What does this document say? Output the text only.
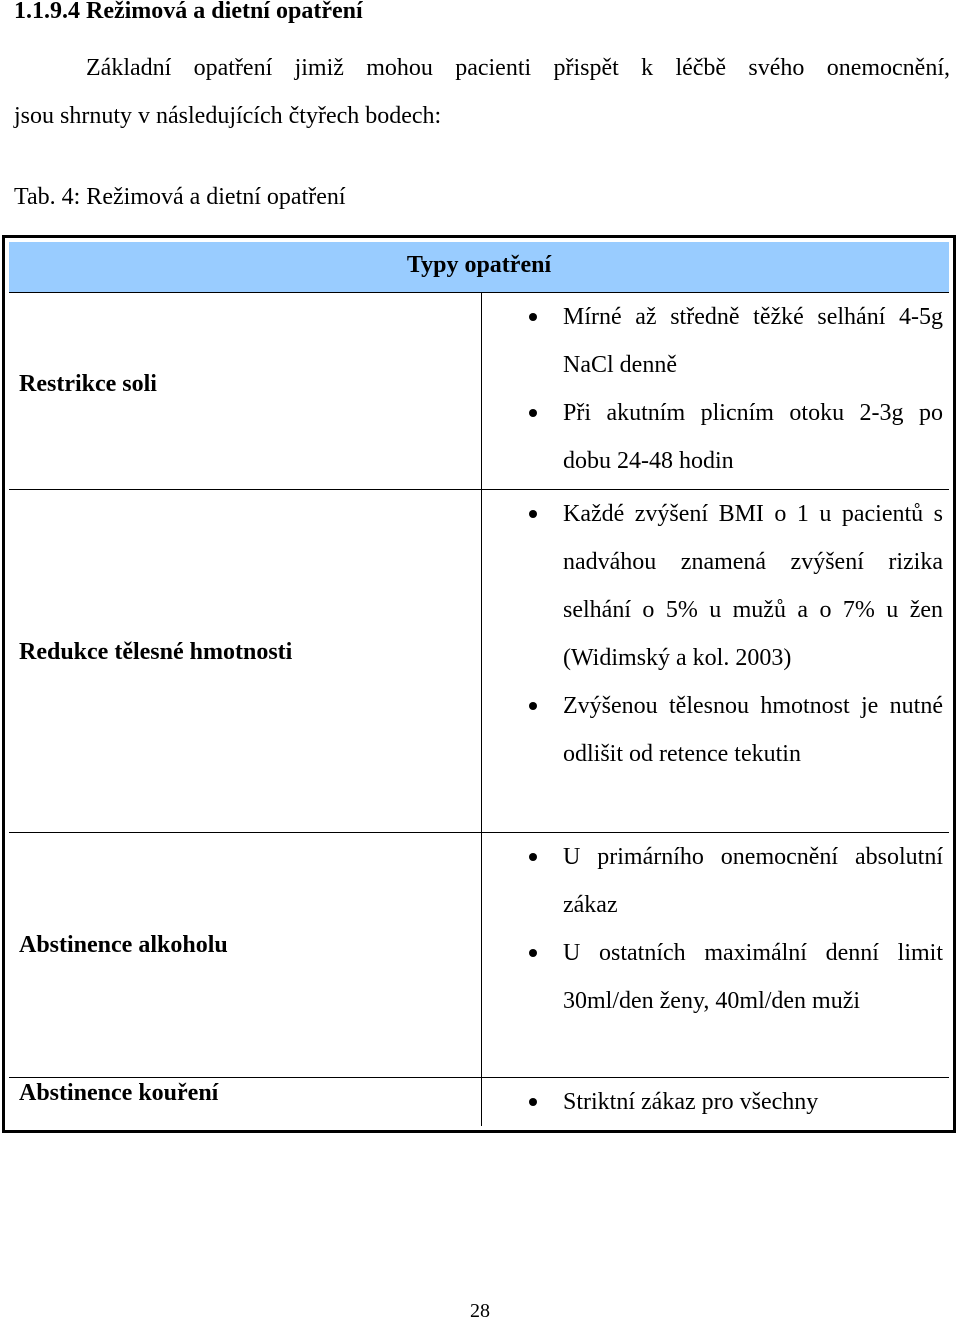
1.1.9.4 Režimová a dietní opatření
Základní opatření jimiž mohou pacienti přispět k léčbě svého onemocnění,
jsou shrnuty v následujících čtyřech bodech:
Tab. 4: Režimová a dietní opatření
Typy opatření
Restrikce soli
Mírné až středně těžké selhání 4-5g NaCl denně
Při akutním plicním otoku 2-3g po dobu 24-48 hodin
Redukce tělesné hmotnosti
Každé zvýšení BMI o 1 u pacientů s nadváhou znamená zvýšení rizika selhání o 5% u mužů a o 7% u žen (Widimský a kol. 2003)
Zvýšenou tělesnou hmotnost je nutné odlišit od retence tekutin
Abstinence alkoholu
U primárního onemocnění absolutní zákaz
U ostatních maximální denní limit 30ml/den ženy, 40ml/den muži
Abstinence kouření	Striktní zákaz pro všechny
28
